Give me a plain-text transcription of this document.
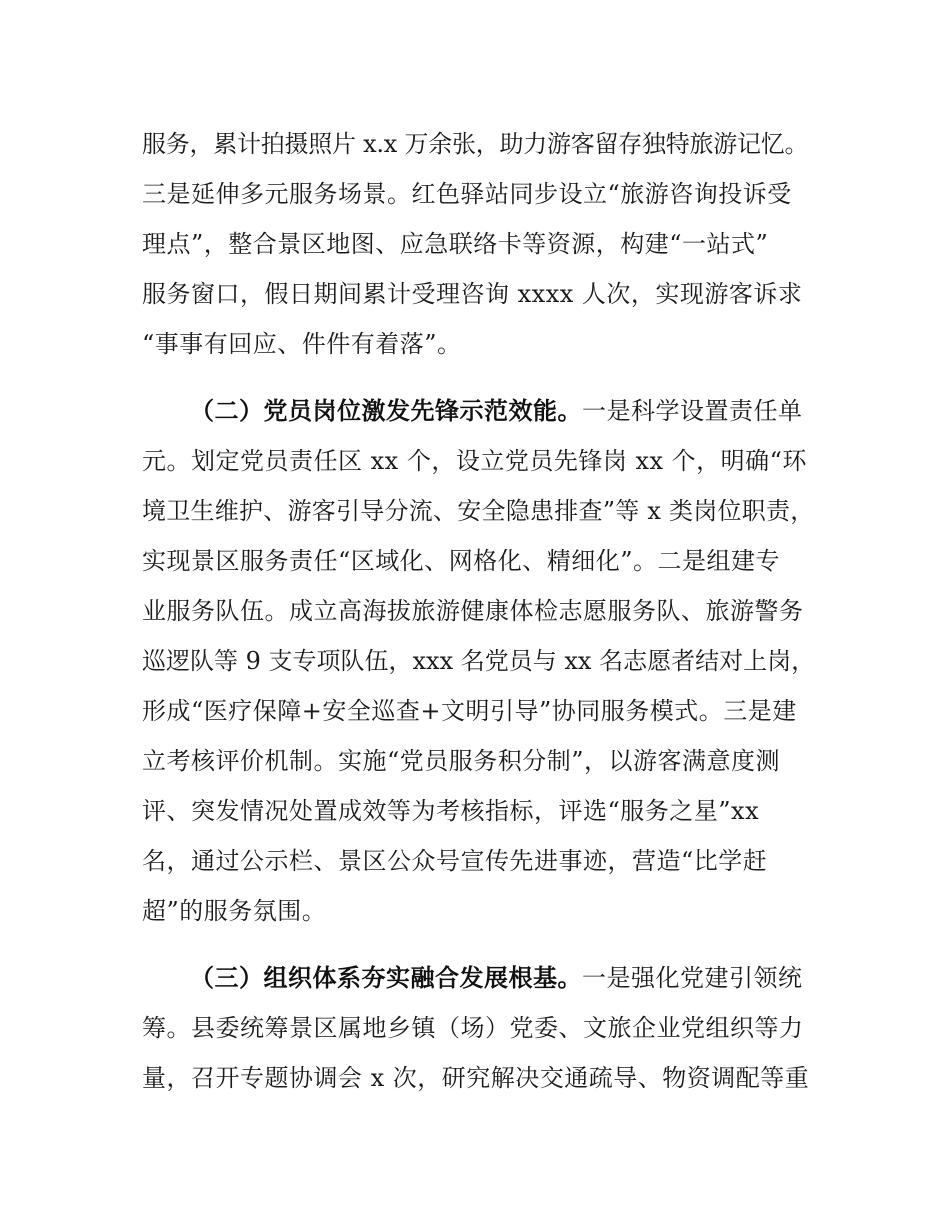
服务，累计拍摄照片 x.x 万余张，助力游客留存独特旅游记忆。
三是延伸多元服务场景。红色驿站同步设立“旅游咨询投诉受
理点”，整合景区地图、应急联络卡等资源，构建“一站式”
服务窗口，假日期间累计受理咨询 xxxx 人次，实现游客诉求
“事事有回应、件件有着落”。
（二）党员岗位激发先锋示范效能。一是科学设置责任单
元。划定党员责任区 xx 个，设立党员先锋岗 xx 个，明确“环
境卫生维护、游客引导分流、安全隐患排查”等 x 类岗位职责，
实现景区服务责任“区域化、网格化、精细化”。二是组建专
业服务队伍。成立高海拔旅游健康体检志愿服务队、旅游警务
巡逻队等 9 支专项队伍，xxx 名党员与 xx 名志愿者结对上岗，
形成“医疗保障+安全巡查+文明引导”协同服务模式。三是建
立考核评价机制。实施“党员服务积分制”，以游客满意度测
评、突发情况处置成效等为考核指标，评选“服务之星”xx
名，通过公示栏、景区公众号宣传先进事迹，营造“比学赶
超”的服务氛围。
（三）组织体系夯实融合发展根基。一是强化党建引领统
筹。县委统筹景区属地乡镇（场）党委、文旅企业党组织等力
量，召开专题协调会 x 次，研究解决交通疏导、物资调配等重
